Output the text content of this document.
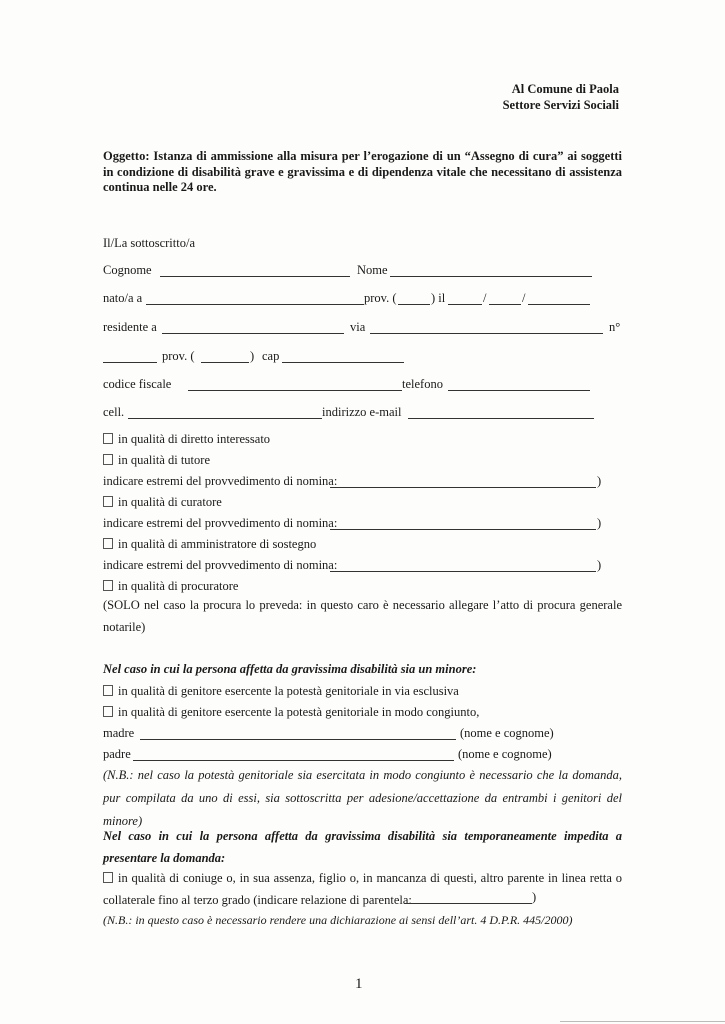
Al Comune di Paola
Settore Servizi Sociali
Oggetto: Istanza di ammissione alla misura per l’erogazione di un “Assegno di cura” ai soggetti in condizione di disabilità grave e gravissima e di dipendenza vitale che necessitano di assistenza continua nelle 24 ore.
Il/La sottoscritto/a
Cognome	Nome
nato/a a	prov. (	) il	/	/
residente a	via	n°
prov. (	) cap
codice fiscale	telefono
cell.	indirizzo e-mail
in qualità di diretto interessato
in qualità di tutore
indicare estremi del provvedimento di nomina:	)
in qualità di curatore
indicare estremi del provvedimento di nomina:	)
in qualità di amministratore di sostegno
indicare estremi del provvedimento di nomina:	)
in qualità di procuratore
(SOLO nel caso la procura lo preveda: in questo caro è necessario allegare l’atto di procura generale notarile)
Nel caso in cui la persona affetta da gravissima disabilità sia un minore:
in qualità di genitore esercente la potestà genitoriale in via esclusiva
in qualità di genitore esercente la potestà genitoriale in modo congiunto,
madre	(nome e cognome)
padre	(nome e cognome)
(N.B.: nel caso la potestà genitoriale sia esercitata in modo congiunto è necessario che la domanda, pur compilata da uno di essi, sia sottoscritta per adesione/accettazione da entrambi i genitori del minore)
Nel caso in cui la persona affetta da gravissima disabilità sia temporaneamente impedita a presentare la domanda:
in qualità di coniuge o, in sua assenza, figlio o, in mancanza di questi, altro parente in linea retta o collaterale fino al terzo grado (indicare relazione di parentela:	)
(N.B.: in questo caso è necessario rendere una dichiarazione ai sensi dell’art. 4 D.P.R. 445/2000)
1
